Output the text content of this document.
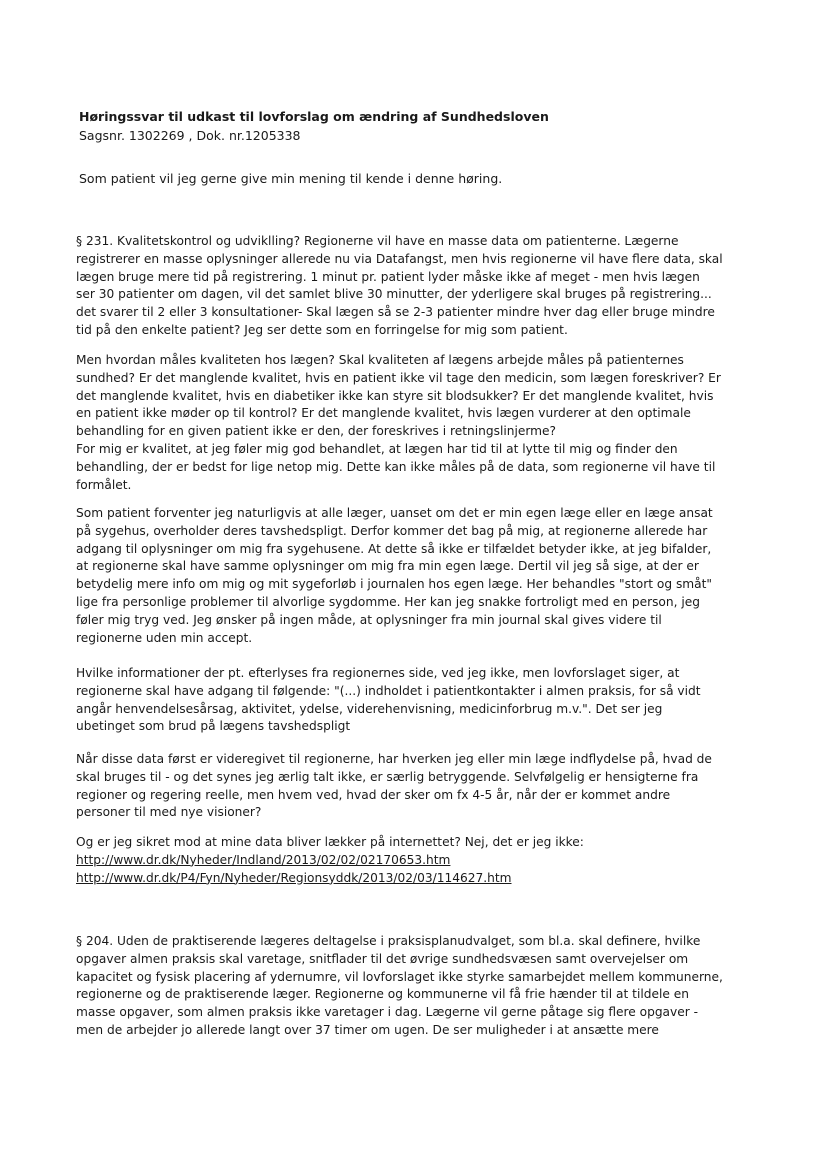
Høringssvar til udkast til lovforslag om ændring af Sundhedsloven
Sagsnr. 1302269 , Dok. nr.1205338
Som patient vil jeg gerne give min mening til kende i denne høring.
§ 231. Kvalitetskontrol og udviklling? Regionerne vil have en masse data om patienterne. Lægerne
registrerer en masse oplysninger allerede nu via Datafangst, men hvis regionerne vil have flere data, skal
lægen bruge mere tid på registrering. 1 minut pr. patient lyder måske ikke af meget - men hvis lægen
ser 30 patienter om dagen, vil det samlet blive 30 minutter, der yderligere skal bruges på registrering...
det svarer til 2 eller 3 konsultationer- Skal lægen så se 2-3 patienter mindre hver dag eller bruge mindre
tid på den enkelte patient? Jeg ser dette som en forringelse for mig som patient.
Men hvordan måles kvaliteten hos lægen? Skal kvaliteten af lægens arbejde måles på patienternes
sundhed? Er det manglende kvalitet, hvis en patient ikke vil tage den medicin, som lægen foreskriver? Er
det manglende kvalitet, hvis en diabetiker ikke kan styre sit blodsukker? Er det manglende kvalitet, hvis
en patient ikke møder op til kontrol? Er det manglende kvalitet, hvis lægen vurderer at den optimale
behandling for en given patient ikke er den, der foreskrives i retningslinjerme?
For mig er kvalitet, at jeg føler mig god behandlet, at lægen har tid til at lytte til mig og finder den
behandling, der er bedst for lige netop mig. Dette kan ikke måles på de data, som regionerne vil have til
formålet.
Som patient forventer jeg naturligvis at alle læger, uanset om det er min egen læge eller en læge ansat
på sygehus, overholder deres tavshedspligt. Derfor kommer det bag på mig, at regionerne allerede har
adgang til oplysninger om mig fra sygehusene. At dette så ikke er tilfældet betyder ikke, at jeg bifalder,
at regionerne skal have samme oplysninger om mig fra min egen læge. Dertil vil jeg så sige, at der er
betydelig mere info om mig og mit sygeforløb i journalen hos egen læge. Her behandles "stort og småt"
lige fra personlige problemer til alvorlige sygdomme. Her kan jeg snakke fortroligt med en person, jeg
føler mig tryg ved. Jeg ønsker på ingen måde, at oplysninger fra min journal skal gives videre til
regionerne uden min accept.
Hvilke informationer der pt. efterlyses fra regionernes side, ved jeg ikke, men lovforslaget siger, at
regionerne skal have adgang til følgende: "(...) indholdet i patientkontakter i almen praksis, for så vidt
angår henvendelsesårsag, aktivitet, ydelse, viderehenvisning, medicinforbrug m.v.". Det ser jeg
ubetinget som brud på lægens tavshedspligt
Når disse data først er videregivet til regionerne, har hverken jeg eller min læge indflydelse på, hvad de
skal bruges til - og det synes jeg ærlig talt ikke, er særlig betryggende. Selvfølgelig er hensigterne fra
regioner og regering reelle, men hvem ved, hvad der sker om fx 4-5 år, når der er kommet andre
personer til med nye visioner?
Og er jeg sikret mod at mine data bliver lækker på internettet? Nej, det er jeg ikke:
http://www.dr.dk/Nyheder/Indland/2013/02/02/02170653.htm
http://www.dr.dk/P4/Fyn/Nyheder/Regionsyddk/2013/02/03/114627.htm
§ 204. Uden de praktiserende lægeres deltagelse i praksisplanudvalget, som bl.a. skal definere, hvilke
opgaver almen praksis skal varetage, snitflader til det øvrige sundhedsvæsen samt overvejelser om
kapacitet og fysisk placering af ydernumre, vil lovforslaget ikke styrke samarbejdet mellem kommunerne,
regionerne og de praktiserende læger. Regionerne og kommunerne vil få frie hænder til at tildele en
masse opgaver, som almen praksis ikke varetager i dag. Lægerne vil gerne påtage sig flere opgaver -
men de arbejder jo allerede langt over 37 timer om ugen. De ser muligheder i at ansætte mere
